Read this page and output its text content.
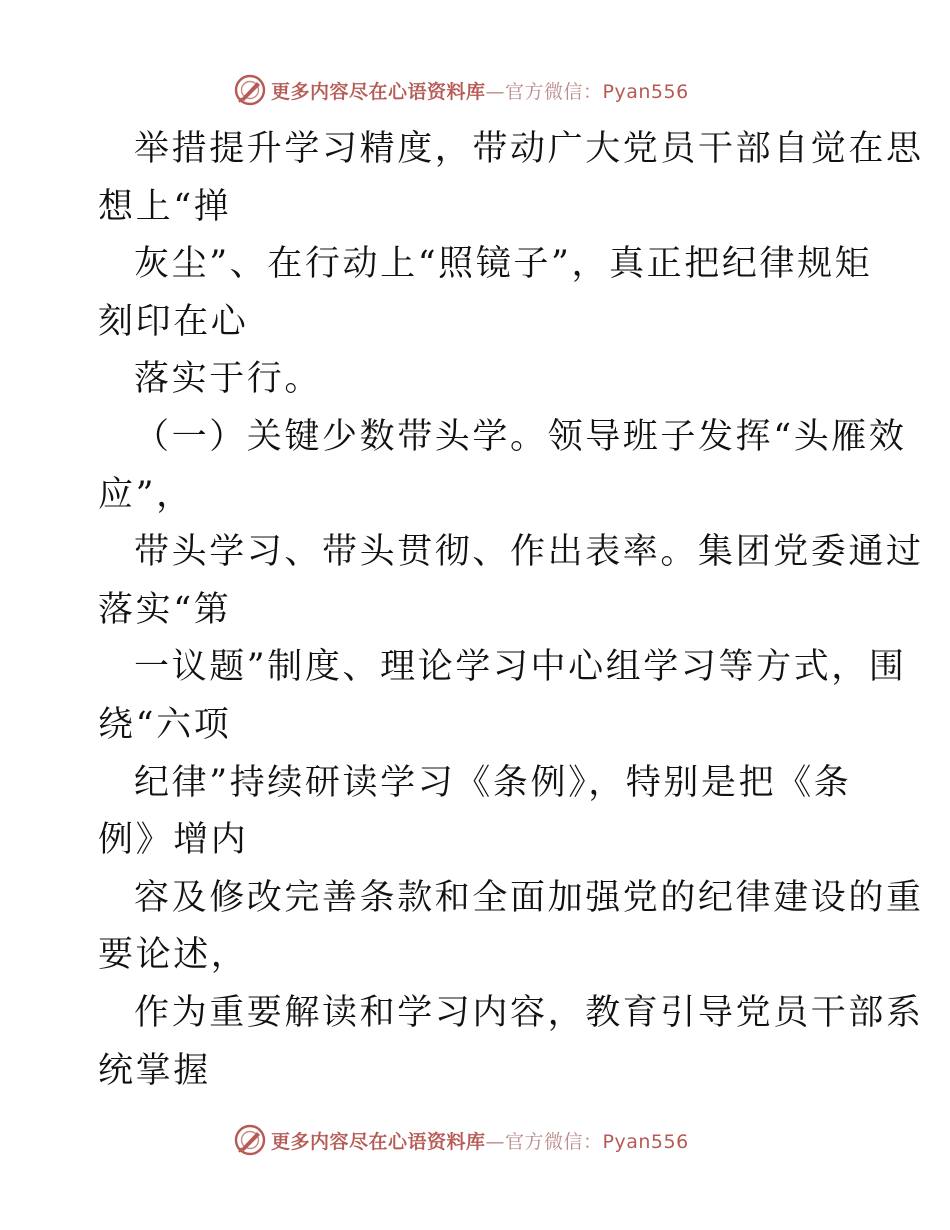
更多内容尽在心语资料库—官方微信：Pyan556
举措提升学习精度，带动广大党员干部自觉在思
想上“掸
灰尘”、在行动上“照镜子”，真正把纪律规矩
刻印在心
落实于行。
（一）关键少数带头学。领导班子发挥“头雁效
应”，
带头学习、带头贯彻、作出表率。集团党委通过
落实“第
一议题”制度、理论学习中心组学习等方式，围
绕“六项
纪律”持续研读学习《条例》，特别是把《条
例》增内
容及修改完善条款和全面加强党的纪律建设的重
要论述，
作为重要解读和学习内容，教育引导党员干部系
统掌握
更多内容尽在心语资料库—官方微信：Pyan556
